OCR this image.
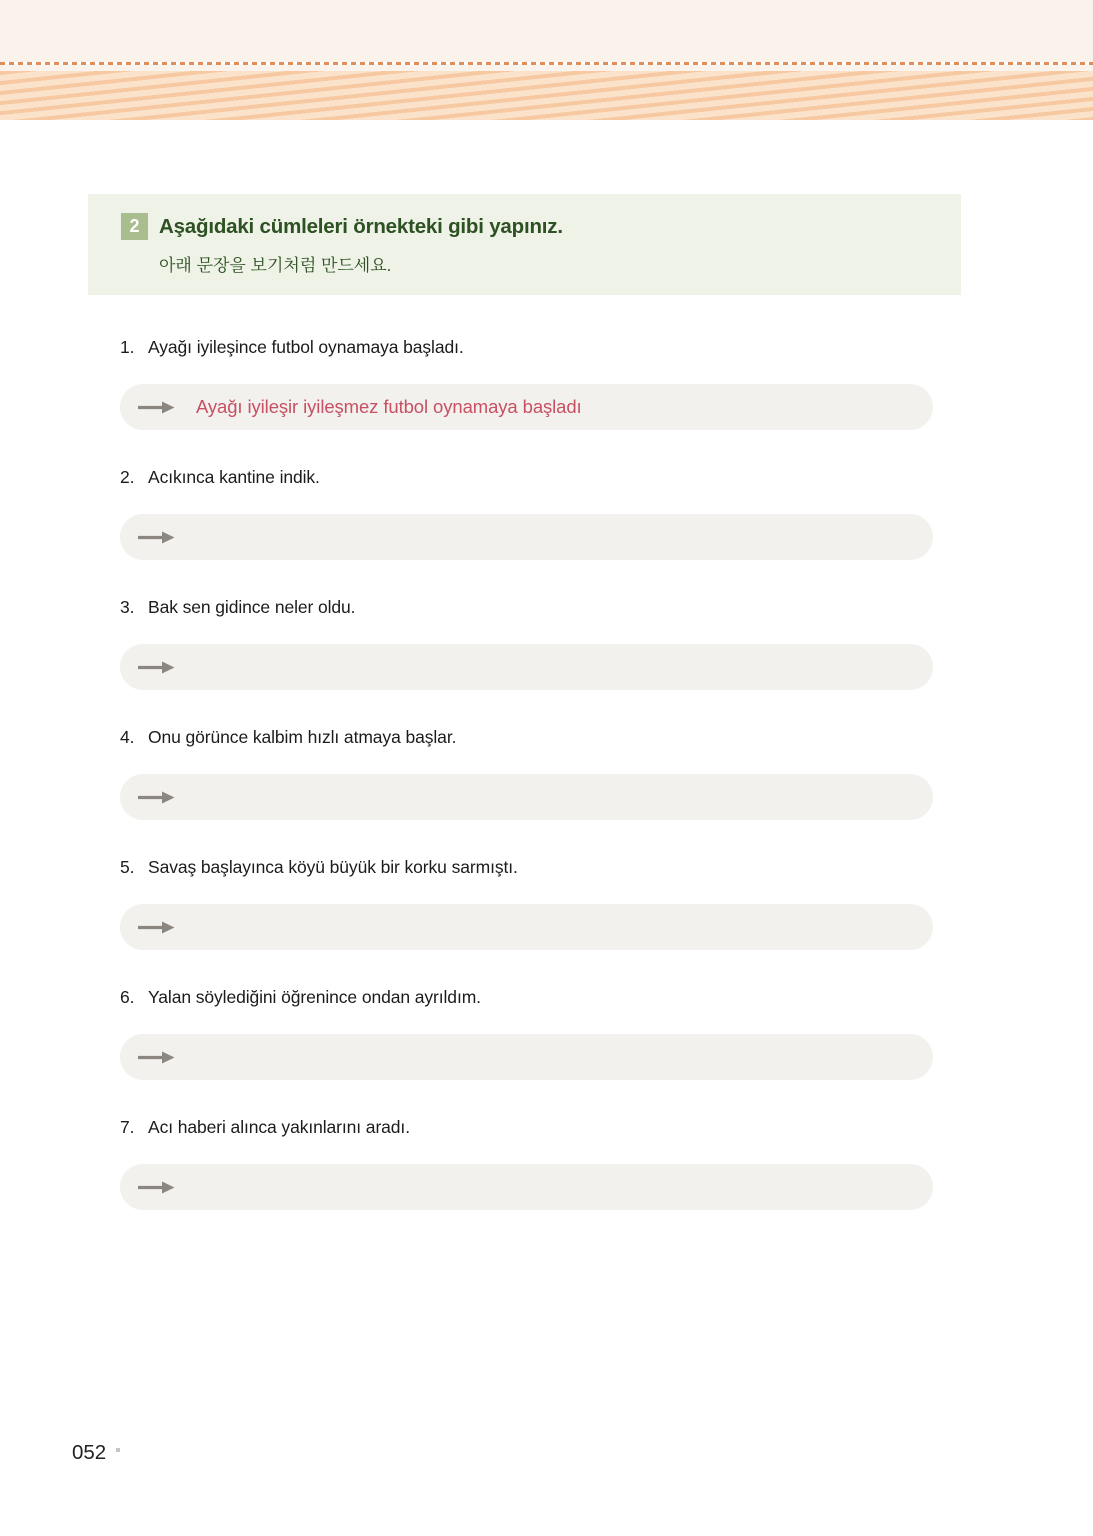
2 Aşağıdaki cümleleri örnekteki gibi yapınız.
아래 문장을 보기처럼 만드세요.
1. Ayağı iyileşince futbol oynamaya başladı.
Ayağı iyileşir iyileşmez futbol oynamaya başladı
2. Acıkınca kantine indik.
3. Bak sen gidince neler oldu.
4. Onu görünce kalbim hızlı atmaya başlar.
5. Savaş başlayınca köyü büyük bir korku sarmıştı.
6. Yalan söylediğini öğrenince ondan ayrıldım.
7. Acı haberi alınca yakınlarını aradı.
052
